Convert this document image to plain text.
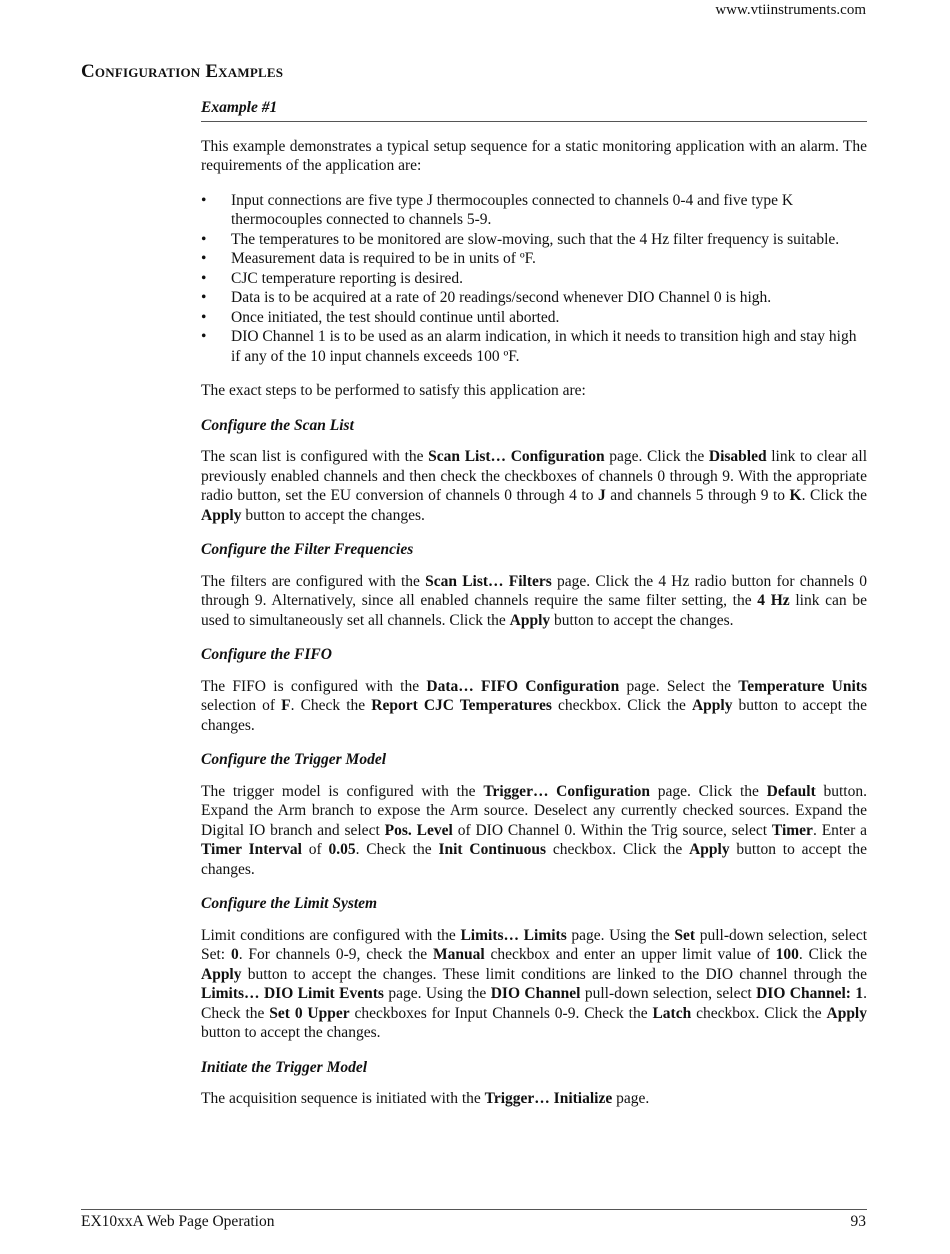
www.vtiinstruments.com
Configuration Examples
Example #1

This example demonstrates a typical setup sequence for a static monitoring application with an alarm. The requirements of the application are:

• Input connections are five type J thermocouples connected to channels 0-4 and five type K thermocouples connected to channels 5-9.
• The temperatures to be monitored are slow-moving, such that the 4 Hz filter frequency is suitable.
• Measurement data is required to be in units of ºF.
• CJC temperature reporting is desired.
• Data is to be acquired at a rate of 20 readings/second whenever DIO Channel 0 is high.
• Once initiated, the test should continue until aborted.
• DIO Channel 1 is to be used as an alarm indication, in which it needs to transition high and stay high if any of the 10 input channels exceeds 100 ºF.

The exact steps to be performed to satisfy this application are:

Configure the Scan List

The scan list is configured with the Scan List… Configuration page. Click the Disabled link to clear all previously enabled channels and then check the checkboxes of channels 0 through 9. With the appropriate radio button, set the EU conversion of channels 0 through 4 to J and channels 5 through 9 to K. Click the Apply button to accept the changes.

Configure the Filter Frequencies

The filters are configured with the Scan List… Filters page. Click the 4 Hz radio button for channels 0 through 9. Alternatively, since all enabled channels require the same filter setting, the 4 Hz link can be used to simultaneously set all channels. Click the Apply button to accept the changes.

Configure the FIFO

The FIFO is configured with the Data… FIFO Configuration page. Select the Temperature Units selection of F. Check the Report CJC Temperatures checkbox. Click the Apply button to accept the changes.

Configure the Trigger Model

The trigger model is configured with the Trigger… Configuration page. Click the Default button. Expand the Arm branch to expose the Arm source. Deselect any currently checked sources. Expand the Digital IO branch and select Pos. Level of DIO Channel 0. Within the Trig source, select Timer. Enter a Timer Interval of 0.05. Check the Init Continuous checkbox. Click the Apply button to accept the changes.

Configure the Limit System

Limit conditions are configured with the Limits… Limits page. Using the Set pull-down selection, select Set: 0. For channels 0-9, check the Manual checkbox and enter an upper limit value of 100. Click the Apply button to accept the changes. These limit conditions are linked to the DIO channel through the Limits… DIO Limit Events page. Using the DIO Channel pull-down selection, select DIO Channel: 1. Check the Set 0 Upper checkboxes for Input Channels 0-9. Check the Latch checkbox. Click the Apply button to accept the changes.

Initiate the Trigger Model

The acquisition sequence is initiated with the Trigger… Initialize page.

EX10xxA Web Page Operation	93
